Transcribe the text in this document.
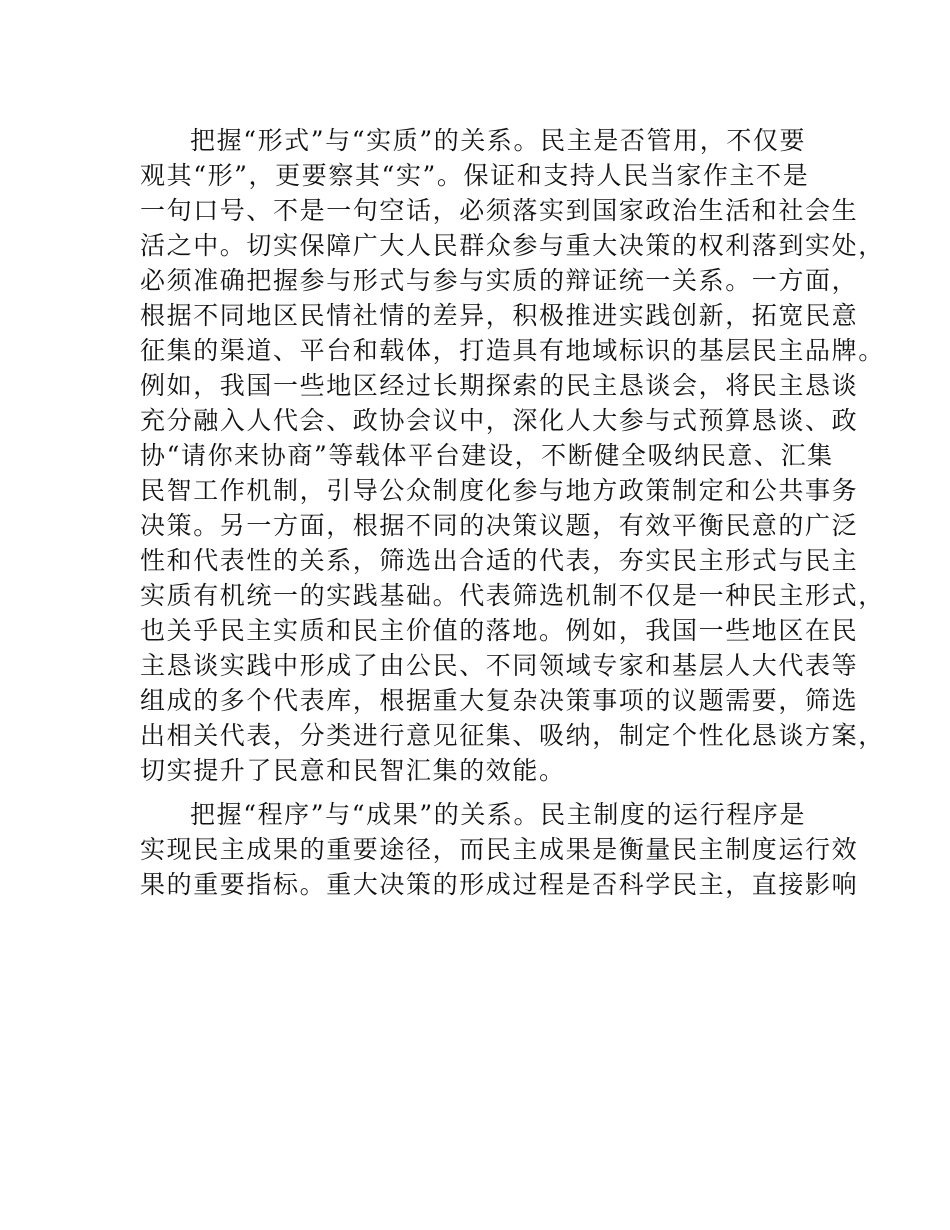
把握“形式”与“实质”的关系。民主是否管用，不仅要
观其“形”，更要察其“实”。保证和支持人民当家作主不是
一句口号、不是一句空话，必须落实到国家政治生活和社会生
活之中。切实保障广大人民群众参与重大决策的权利落到实处，
必须准确把握参与形式与参与实质的辩证统一关系。一方面，
根据不同地区民情社情的差异，积极推进实践创新，拓宽民意
征集的渠道、平台和载体，打造具有地域标识的基层民主品牌。
例如，我国一些地区经过长期探索的民主恳谈会，将民主恳谈
充分融入人代会、政协会议中，深化人大参与式预算恳谈、政
协“请你来协商”等载体平台建设，不断健全吸纳民意、汇集
民智工作机制，引导公众制度化参与地方政策制定和公共事务
决策。另一方面，根据不同的决策议题，有效平衡民意的广泛
性和代表性的关系，筛选出合适的代表，夯实民主形式与民主
实质有机统一的实践基础。代表筛选机制不仅是一种民主形式，
也关乎民主实质和民主价值的落地。例如，我国一些地区在民
主恳谈实践中形成了由公民、不同领域专家和基层人大代表等
组成的多个代表库，根据重大复杂决策事项的议题需要，筛选
出相关代表，分类进行意见征集、吸纳，制定个性化恳谈方案，
切实提升了民意和民智汇集的效能。
把握“程序”与“成果”的关系。民主制度的运行程序是
实现民主成果的重要途径，而民主成果是衡量民主制度运行效
果的重要指标。重大决策的形成过程是否科学民主，直接影响
